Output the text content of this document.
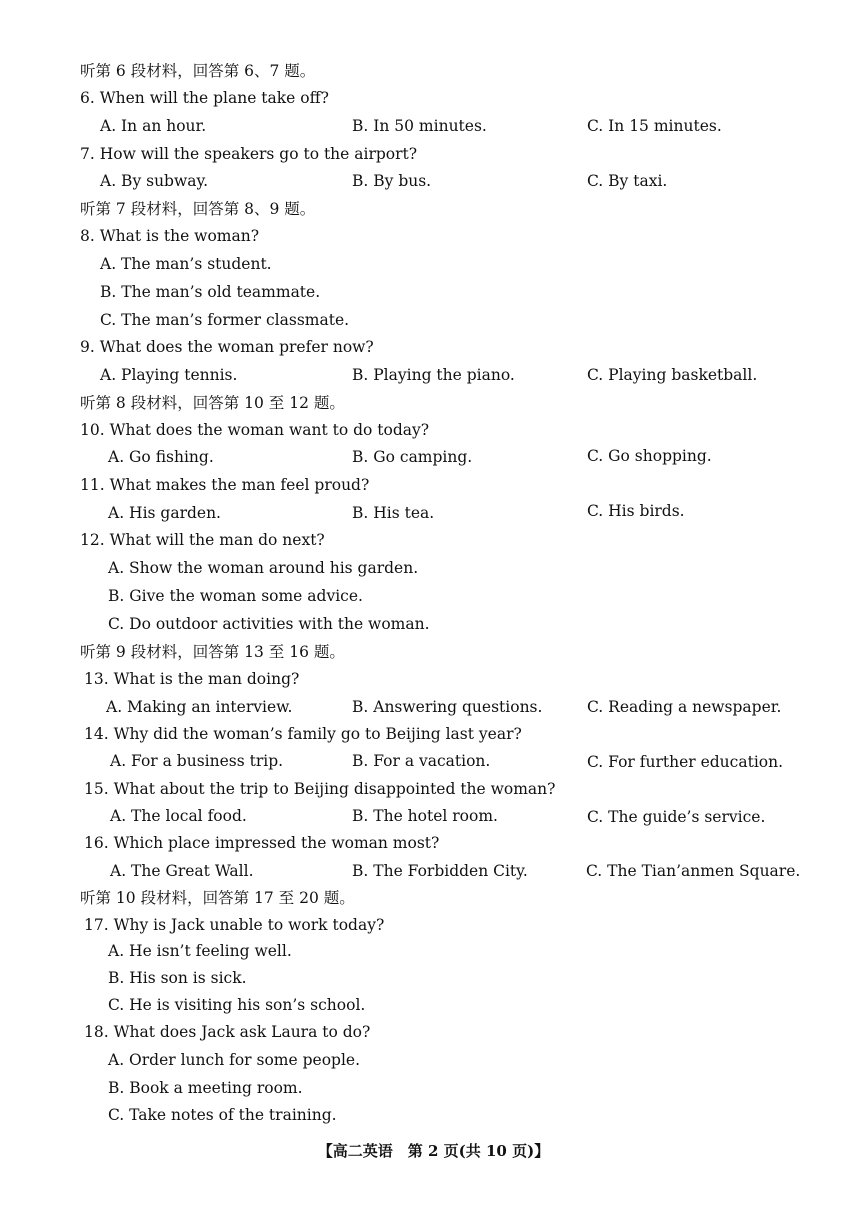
听第 6 段材料，回答第 6、7 题。
6. When will the plane take off?
A. In an hour.	B. In 50 minutes.	C. In 15 minutes.
7. How will the speakers go to the airport?
A. By subway.	B. By bus.	C. By taxi.
听第 7 段材料，回答第 8、9 题。
8. What is the woman?
A. The man’s student.
B. The man’s old teammate.
C. The man’s former classmate.
9. What does the woman prefer now?
A. Playing tennis.	B. Playing the piano.	C. Playing basketball.
听第 8 段材料，回答第 10 至 12 题。
10. What does the woman want to do today?
A. Go fishing.	B. Go camping.	C. Go shopping.
11. What makes the man feel proud?
A. His garden.	B. His tea.	C. His birds.
12. What will the man do next?
A. Show the woman around his garden.
B. Give the woman some advice.
C. Do outdoor activities with the woman.
听第 9 段材料，回答第 13 至 16 题。
13. What is the man doing?
A. Making an interview.	B. Answering questions.	C. Reading a newspaper.
14. Why did the woman’s family go to Beijing last year?
A. For a business trip.	B. For a vacation.	C. For further education.
15. What about the trip to Beijing disappointed the woman?
A. The local food.	B. The hotel room.	C. The guide’s service.
16. Which place impressed the woman most?
A. The Great Wall.	B. The Forbidden City.	C. The Tian’anmen Square.
听第 10 段材料，回答第 17 至 20 题。
17. Why is Jack unable to work today?
A. He isn’t feeling well.
B. His son is sick.
C. He is visiting his son’s school.
18. What does Jack ask Laura to do?
A. Order lunch for some people.
B. Book a meeting room.
C. Take notes of the training.
【高二英语　第 2 页(共 10 页)】
